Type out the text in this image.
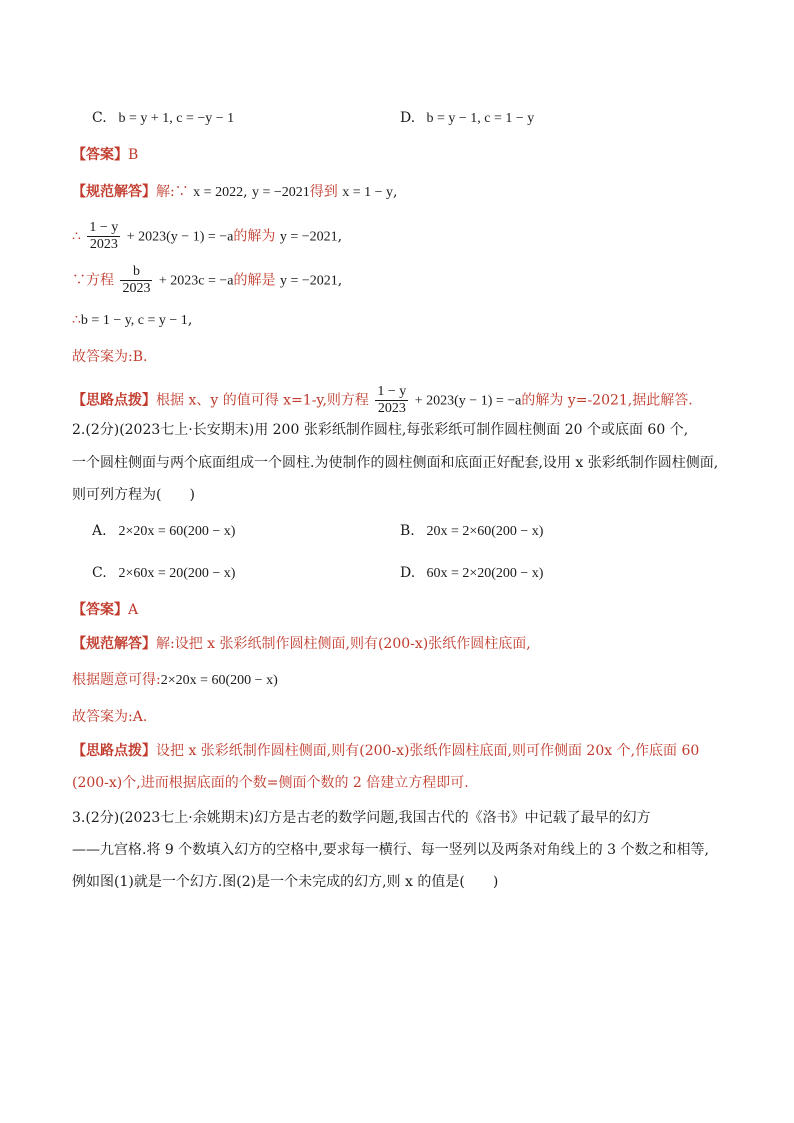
C. b = y + 1, c = −y − 1	D. b = y − 1, c = 1 − y
【答案】B
【规范解答】解:∵ x = 2022, y = −2021得到 x = 1 − y,
∴ $\frac{1 - y}{2023} + 2023(y - 1) = -a$的解为 y = −2021,
∵方程 $\frac{b}{2023} + 2023c = -a$的解是 y = −2021,
∴b = 1 − y, c = y − 1,
故答案为:B.
【思路点拨】根据 x、y 的值可得 x=1-y,则方程 $\frac{1 - y}{2023} + 2023(y - 1) = -a$的解为 y=-2021,据此解答.
2.(2分)(2023七上·长安期末)用 200 张彩纸制作圆柱,每张彩纸可制作圆柱侧面 20 个或底面 60 个,
一个圆柱侧面与两个底面组成一个圆柱.为使制作的圆柱侧面和底面正好配套,设用 x 张彩纸制作圆柱侧面,
则可列方程为(　　)
A. 2×20x = 60(200 − x)	B. 20x = 2×60(200 − x)
C. 2×60x = 20(200 − x)	D. 60x = 2×20(200 − x)
【答案】A
【规范解答】解:设把 x 张彩纸制作圆柱侧面,则有(200-x)张纸作圆柱底面,
根据题意可得:2×20x = 60(200 − x)
故答案为:A.
【思路点拨】设把 x 张彩纸制作圆柱侧面,则有(200-x)张纸作圆柱底面,则可作侧面 20x 个,作底面 60
(200-x)个,进而根据底面的个数=侧面个数的 2 倍建立方程即可.
3.(2分)(2023七上·余姚期末)幻方是古老的数学问题,我国古代的《洛书》中记载了最早的幻方
——九宫格.将 9 个数填入幻方的空格中,要求每一横行、每一竖列以及两条对角线上的 3 个数之和相等,
例如图(1)就是一个幻方.图(2)是一个未完成的幻方,则 x 的值是(　　)
